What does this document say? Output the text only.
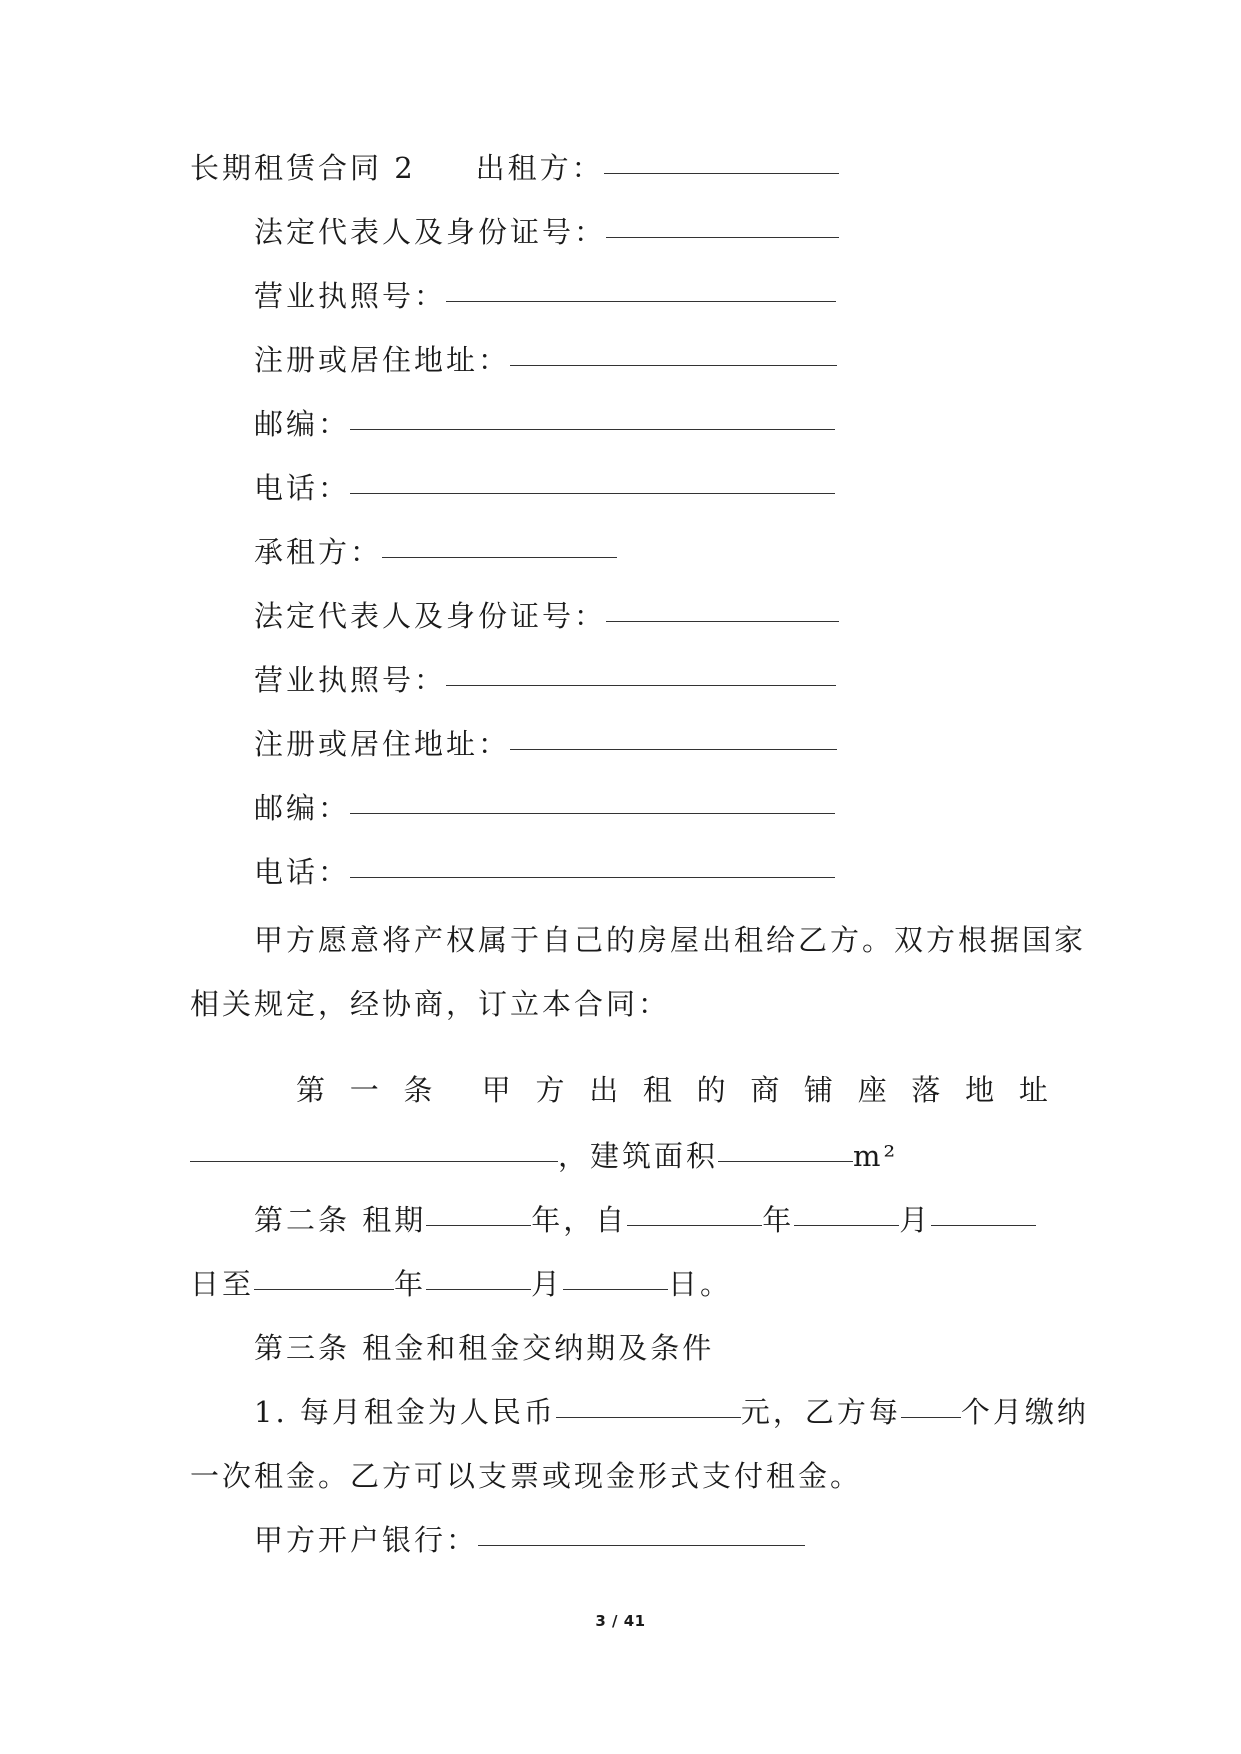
长期租赁合同 2 出租方：
法定代表人及身份证号：
营业执照号：
注册或居住地址：
邮编：
电话：
承租方：
法定代表人及身份证号：
营业执照号：
注册或居住地址：
邮编：
电话：
甲方愿意将产权属于自己的房屋出租给乙方。双方根据国家
相关规定，经协商，订立本合同：
第 一 条 甲 方 出 租 的 商 铺 座 落 地 址
，建筑面积	m²
第二条 租期	年，自	年	月
日至	年	月	日。
第三条 租金和租金交纳期及条件
1. 每月租金为人民币	元，乙方每 个月缴纳
一次租金。乙方可以支票或现金形式支付租金。
甲方开户银行：
3 / 41
